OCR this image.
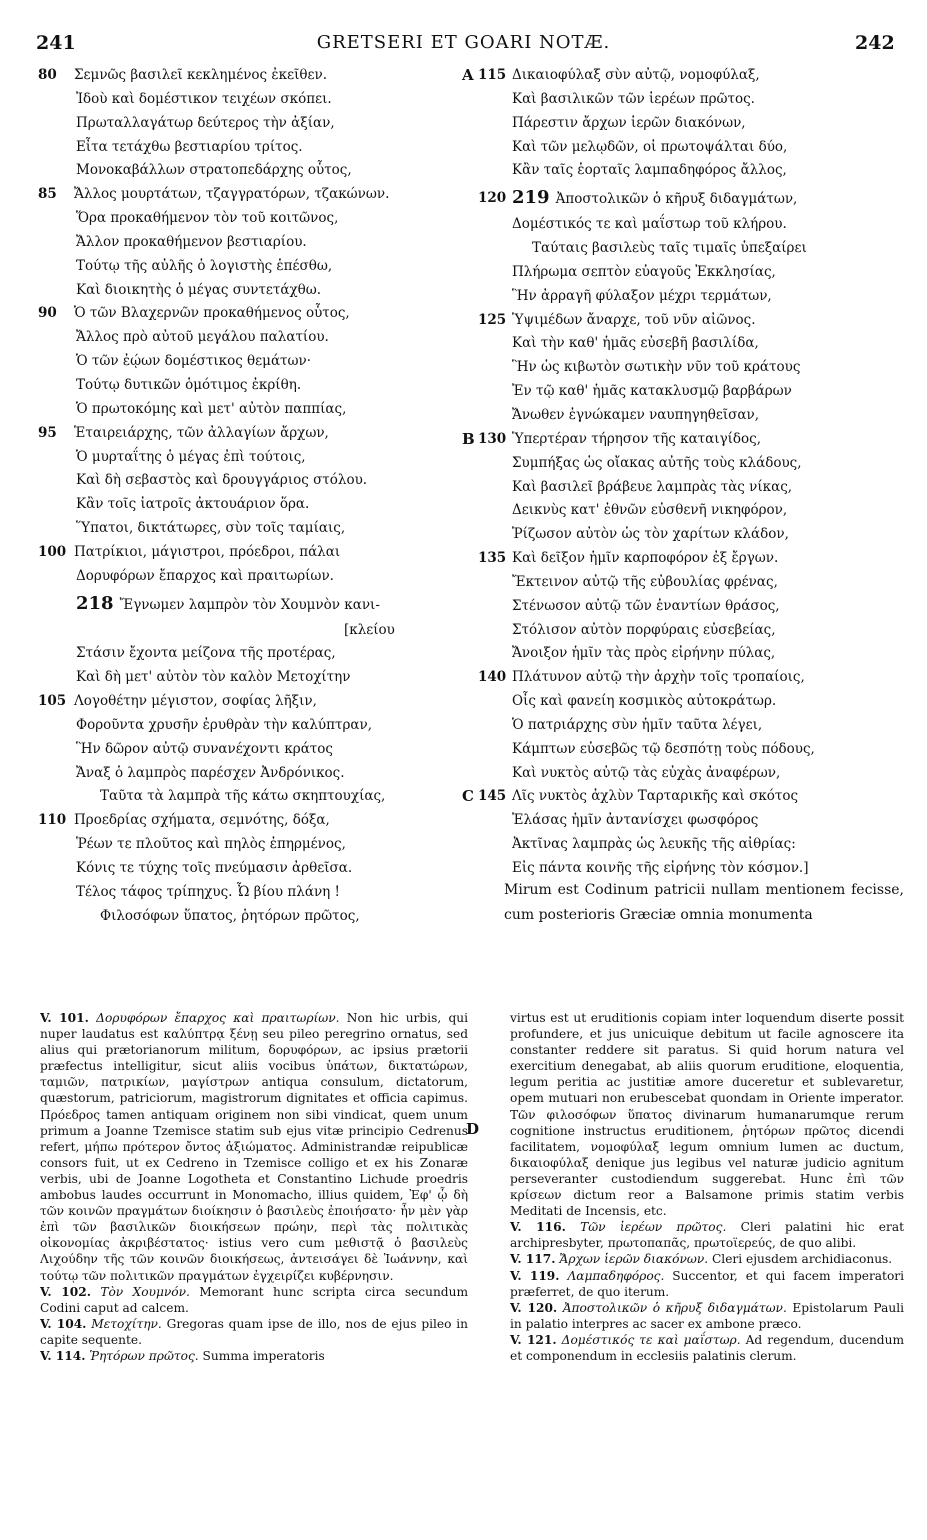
241	GRETSERI ET GOARI NOTÆ.	242
80	Σεμνῶς βασιλεῖ κεκλημένος ἐκεῖθεν.
Ἰδοὺ καὶ δομέστικον τειχέων σκόπει.
Πρωταλλαγάτωρ δεύτερος τὴν ἀξίαν,
Εἶτα τετάχθω βεστιαρίου τρίτος.
Μονοκαβάλλων στρατοπεδάρχης οὗτος,
85	Ἄλλος μουρτάτων, τζαγγρατόρων, τζακώνων.
Ὅρα προκαθήμενον τὸν τοῦ κοιτῶνος,
Ἄλλον προκαθήμενον βεστιαρίου.
Τούτῳ τῆς αὐλῆς ὁ λογιστὴς ἑπέσθω,
Καὶ διοικητὴς ὁ μέγας συντετάχθω.
90	Ὁ τῶν Βλαχερνῶν προκαθήμενος οὗτος,
Ἄλλος πρὸ αὐτοῦ μεγάλου παλατίου.
Ὁ τῶν ἐῴων δομέστικος θεμάτων·
Τούτῳ δυτικῶν ὁμότιμος ἐκρίθη.
Ὁ πρωτοκόμης καὶ μετ' αὐτὸν παππίας,
95	Ἑταιρειάρχης, τῶν ἀλλαγίων ἄρχων,
Ὁ μυρταΐτης ὁ μέγας ἐπὶ τούτοις,
Καὶ δὴ σεβαστὸς καὶ δρουγγάριος στόλου.
Κἂν τοῖς ἰατροῖς ἀκτουάριον ὅρα.
Ὕπατοι, δικτάτωρες, σὺν τοῖς ταμίαις,
100 Πατρίκιοι, μάγιστροι, πρόεδροι, πάλαι
Δορυφόρων ἔπαρχος καὶ πραιτωρίων.
218 Ἔγνωμεν λαμπρὸν τὸν Χουμνὸν κανι-
[κλείου
Στάσιν ἔχοντα μείζονα τῆς προτέρας,
Καὶ δὴ μετ' αὐτὸν τὸν καλὸν Μετοχίτην
105 Λογοθέτην μέγιστον, σοφίας λῆξιν,
Φοροῦντα χρυσῆν ἐρυθρὰν τὴν καλύπτραν,
Ἣν δῶρον αὐτῷ συνανέχοντι κράτος
Ἄναξ ὁ λαμπρὸς παρέσχεν Ἀνδρόνικος.
Ταῦτα τὰ λαμπρὰ τῆς κάτω σκηπτουχίας,
110 Προεδρίας σχήματα, σεμνότης, δόξα,
Ῥέων τε πλοῦτος καὶ πηλὸς ἐπηρμένος,
Κόνις τε τύχης τοῖς πνεύμασιν ἀρθεῖσα.
Τέλος τάφος τρίπηχυς. Ὦ βίου πλάνη !
Φιλοσόφων ὕπατος, ῥητόρων πρῶτος,
A 115 Δικαιοφύλαξ σὺν αὐτῷ, νομοφύλαξ,
Καὶ βασιλικῶν τῶν ἱερέων πρῶτος.
Πάρεστιν ἄρχων ἱερῶν διακόνων,
Καὶ τῶν μελῳδῶν, οἱ πρωτοψάλται δύο,
Κἂν ταῖς ἑορταῖς λαμπαδηφόρος ἄλλος,
120 219 Ἀποστολικῶν ὁ κῆρυξ διδαγμάτων,
Δομέστικός τε καὶ μαΐστωρ τοῦ κλήρου.
Ταύταις βασιλεὺς ταῖς τιμαῖς ὑπεξαίρει
Πλήρωμα σεπτὸν εὐαγοῦς Ἐκκλησίας,
Ἣν ἀρραγῆ φύλαξον μέχρι τερμάτων,
125 Ὑψιμέδων ἄναρχε, τοῦ νῦν αἰῶνος.
Καὶ τὴν καθ' ἡμᾶς εὐσεβῆ βασιλίδα,
Ἣν ὡς κιβωτὸν σωτικὴν νῦν τοῦ κράτους
Ἐν τῷ καθ' ἡμᾶς κατακλυσμῷ βαρβάρων
Ἄνωθεν ἐγνώκαμεν ναυπηγηθεῖσαν,
B 130 Ὑπερτέραν τήρησον τῆς καταιγίδος,
Συμπήξας ὡς οἴακας αὐτῆς τοὺς κλάδους,
Καὶ βασιλεῖ βράβευε λαμπρὰς τὰς νίκας,
Δεικνὺς κατ' ἐθνῶν εὐσθενῆ νικηφόρον,
Ῥίζωσον αὐτὸν ὡς τὸν χαρίτων κλάδον,
135 Καὶ δεῖξον ἡμῖν καρποφόρον ἐξ ἔργων.
Ἔκτεινον αὐτῷ τῆς εὐβουλίας φρένας,
Στένωσον αὐτῷ τῶν ἐναντίων θράσος,
Στόλισον αὐτὸν πορφύραις εὐσεβείας,
Ἄνοιξον ἡμῖν τὰς πρὸς εἰρήνην πύλας,
140 Πλάτυνον αὐτῷ τὴν ἀρχὴν τοῖς τροπαίοις,
Οἷς καὶ φανείη κοσμικὸς αὐτοκράτωρ.
Ὁ πατριάρχης σὺν ἡμῖν ταῦτα λέγει,
Κάμπτων εὐσεβῶς τῷ δεσπότῃ τοὺς πόδους,
Καὶ νυκτὸς αὐτῷ τὰς εὐχὰς ἀναφέρων,
C 145 Λῖς νυκτὸς ἀχλὺν Ταρταρικῆς καὶ σκότος
Ἐλάσας ἡμῖν ἀντανίσχει φωσφόρος
Ἀκτῖνας λαμπρὰς ὡς λευκῆς τῆς αἰθρίας:
Εἰς πάντα κοινῆς τῆς εἰρήνης τὸν κόσμον.]
Mirum est Codinum patricii nullam mentionem fecisse, cum posterioris Græciæ omnia monumenta

V. 101. Δορυφόρων ἔπαρχος καὶ πραιτωρίων. Non hic urbis, qui nuper laudatus est καλύπτρᾳ ξένῃ seu pileo peregrino ornatus, sed alius qui prætorianorum militum, δορυφόρων, ac ipsius prætorii præfectus intelligitur, sicut aliis vocibus ὑπάτων, δικτατώρων, ταμιῶν, πατρικίων, μαγίστρων antiqua consulum, dictatorum, quæstorum, patriciorum, magistrorum dignitates et officia capimus. Πρόεδρος tamen antiquam originem non sibi vindicat, quem unum primum a Joanne Tzemisce statim sub ejus vitæ principio Cedrenus refert, μήπω πρότερον ὄντος ἀξιώματος. Administrandæ reipublicæ consors fuit, ut ex Cedreno in Tzemisce colligo et ex his Zonaræ verbis, ubi de Joanne Logotheta et Constantino Lichude proedris ambobus laudes occurrunt in Monomacho, illius quidem, Ἐφ' ᾧ δὴ τῶν κοινῶν πραγμάτων διοίκησιν ὁ βασιλεὺς ἐποιήσατο· ἦν μὲν γὰρ ἐπὶ τῶν βασιλικῶν διοικήσεων πρώην, περὶ τὰς πολιτικὰς οἰκονομίας ἀκριβέστατος· istius vero cum μεθιστᾷ ὁ βασιλεὺς Λιχούδην τῆς τῶν κοινῶν διοικήσεως, ἀντεισάγει δὲ Ἰωάννην, καὶ τούτῳ τῶν πολιτικῶν πραγμάτων ἐγχειρίζει κυβέρνησιν.

V. 102. Τὸν Χουμνόν. Memorant hunc scripta circa secundum Codini caput ad calcem.

V. 104. Μετοχίτην. Gregoras quam ipse de illo, nos de ejus pileo in capite sequente.

V. 114. Ῥητόρων πρῶτος. Summa imperatoris

D

virtus est ut eruditionis copiam inter loquendum diserte possit profundere, et jus unicuique debitum ut facile agnoscere ita constanter reddere sit paratus. Si quid horum natura vel exercitium denegabat, ab aliis quorum eruditione, eloquentia, legum peritia ac justitiæ amore duceretur et sublevaretur, opem mutuari non erubescebat quondam in Oriente imperator. Τῶν φιλοσόφων ὕπατος divinarum humanarumque rerum cognitione instructus eruditionem, ῥητόρων πρῶτος dicendi facilitatem, νομοφύλαξ legum omnium lumen ac ductum, δικαιοφύλαξ denique jus legibus vel naturæ judicio agnitum perseveranter custodiendum suggerebat. Hunc ἐπὶ τῶν κρίσεων dictum reor a Balsamone primis statim verbis Meditati de Incensis, etc.

V. 116. Τῶν ἱερέων πρῶτος. Cleri palatini hic erat archipresbyter, πρωτοπαπᾶς, πρωτοϊερεύς, de quo alibi.

V. 117. Ἄρχων ἱερῶν διακόνων. Cleri ejusdem archidiaconus.

V. 119. Λαμπαδηφόρος. Succentor, et qui facem imperatori præferret, de quo iterum.

V. 120. Ἀποστολικῶν ὁ κῆρυξ διδαγμάτων. Epistolarum Pauli in palatio interpres ac sacer ex ambone præco.

V. 121. Δομέστικός τε καὶ μαΐστωρ. Ad regendum, ducendum et componendum in ecclesiis palatinis clerum.
